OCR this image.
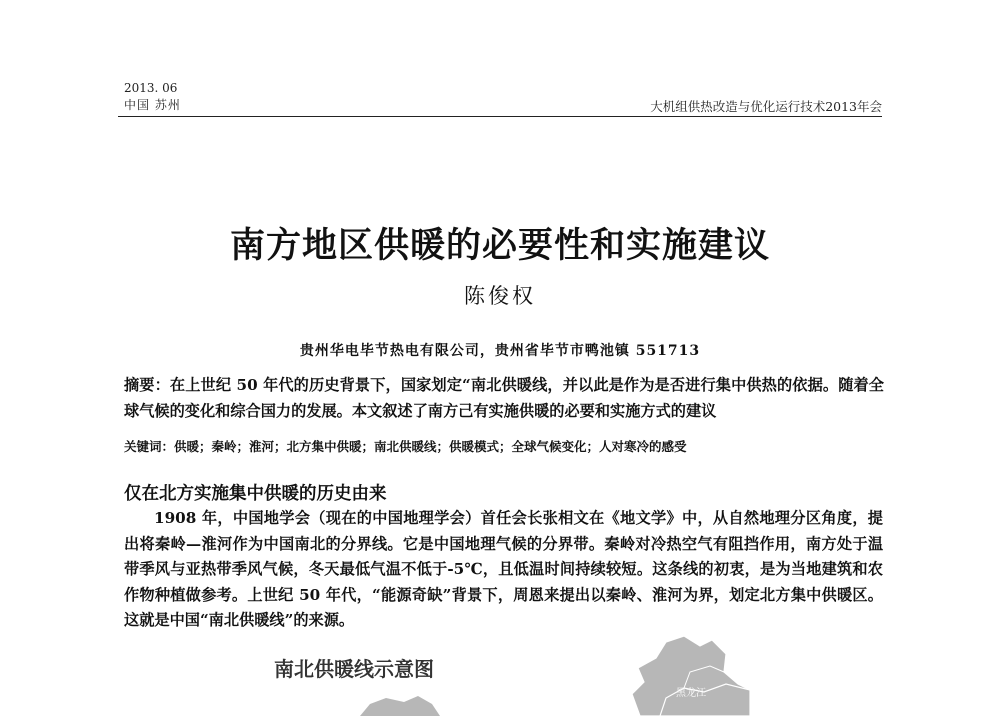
2013. 06
中国 苏州	大机组供热改造与优化运行技术2013年会
南方地区供暖的必要性和实施建议
陈俊权
贵州华电毕节热电有限公司，贵州省毕节市鸭池镇 551713
摘要：在上世纪 50 年代的历史背景下，国家划定“南北供暖线，并以此是作为是否进行集中供热的依据。随着全球气候的变化和综合国力的发展。本文叙述了南方己有实施供暖的必要和实施方式的建议
关键词：供暖；秦岭；淮河；北方集中供暖；南北供暖线；供暖模式；全球气候变化；人对寒冷的感受
仅在北方实施集中供暖的历史由来
1908 年，中国地学会（现在的中国地理学会）首任会长张相文在《地文学》中，从自然地理分区角度，提出将秦岭—淮河作为中国南北的分界线。它是中国地理气候的分界带。秦岭对冷热空气有阻挡作用，南方处于温带季风与亚热带季风气候，冬天最低气温不低于-5℃，且低温时间持续较短。这条线的初衷，是为当地建筑和农作物种植做参考。上世纪 50 年代，“能源奇缺”背景下，周恩来提出以秦岭、淮河为界，划定北方集中供暖区。这就是中国“南北供暖线”的来源。
南北供暖线示意图
黑龙江
